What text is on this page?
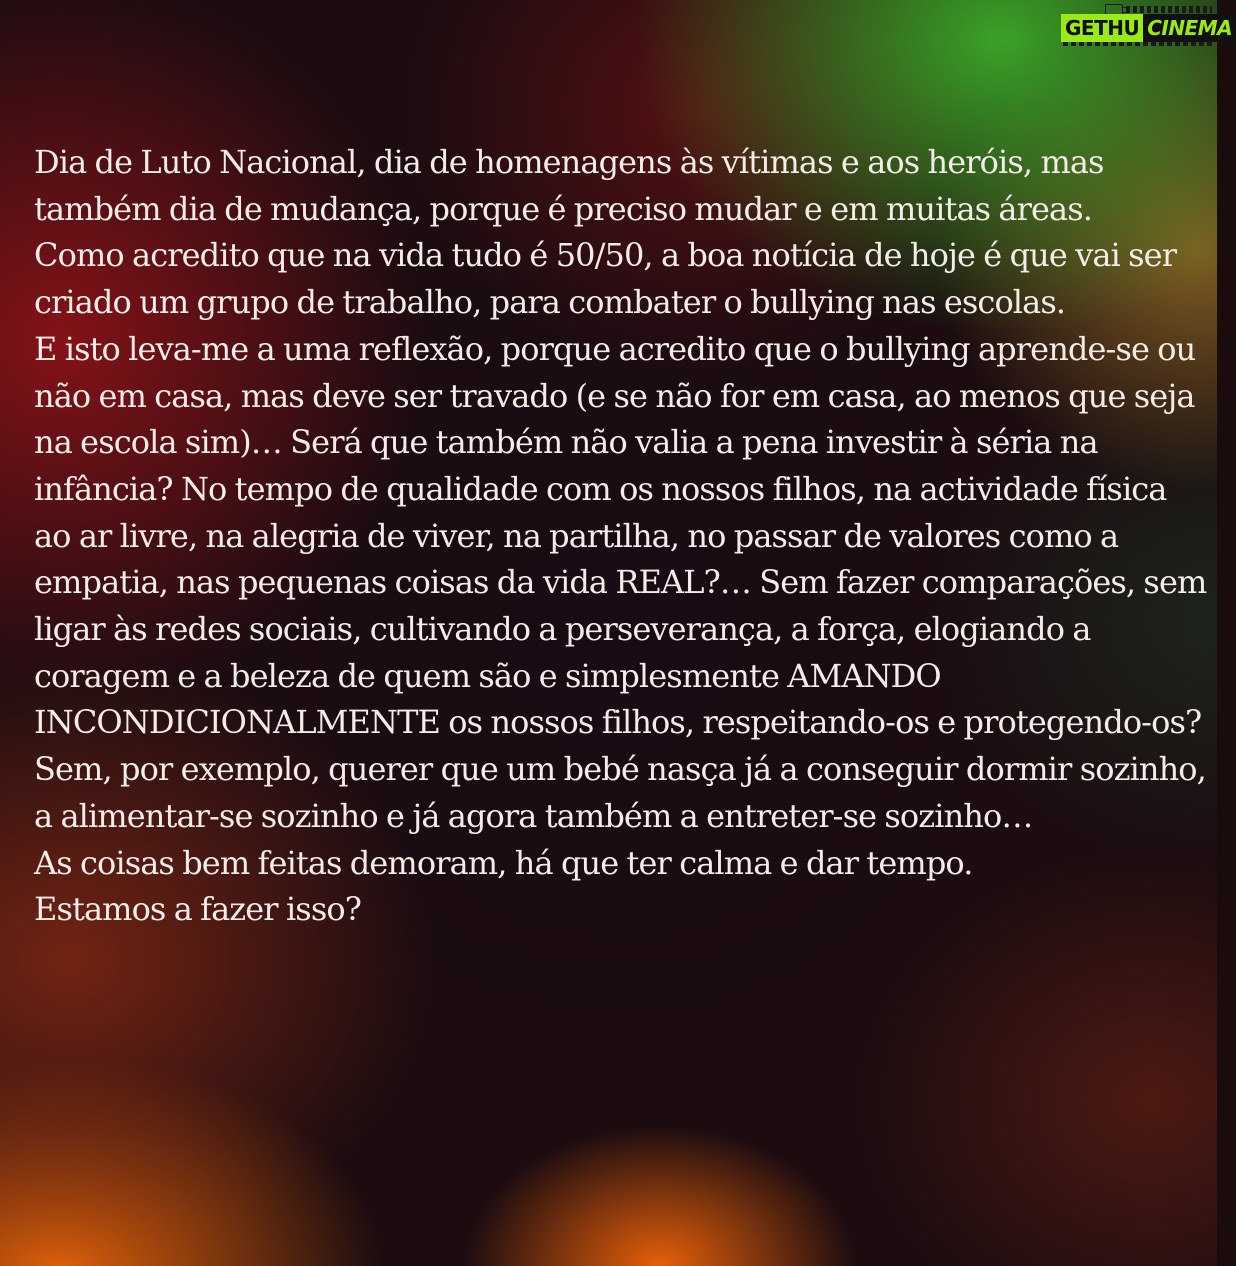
GETHU CINEMA

Dia de Luto Nacional, dia de homenagens às vítimas e aos heróis, mas também dia de mudança, porque é preciso mudar e em muitas áreas.

Como acredito que na vida tudo é 50/50, a boa notícia de hoje é que vai ser criado um grupo de trabalho, para combater o bullying nas escolas.

E isto leva-me a uma reflexão, porque acredito que o bullying aprende-se ou não em casa, mas deve ser travado (e se não for em casa, ao menos que seja na escola sim)… Será que também não valia a pena investir à séria na infância? No tempo de qualidade com os nossos filhos, na actividade física ao ar livre, na alegria de viver, na partilha, no passar de valores como a empatia, nas pequenas coisas da vida REAL?… Sem fazer comparações, sem ligar às redes sociais, cultivando a perseverança, a força, elogiando a coragem e a beleza de quem são e simplesmente AMANDO INCONDICIONALMENTE os nossos filhos, respeitando-os e protegendo-os?

Sem, por exemplo, querer que um bebé nasça já a conseguir dormir sozinho, a alimentar-se sozinho e já agora também a entreter-se sozinho…

As coisas bem feitas demoram, há que ter calma e dar tempo.

Estamos a fazer isso?
